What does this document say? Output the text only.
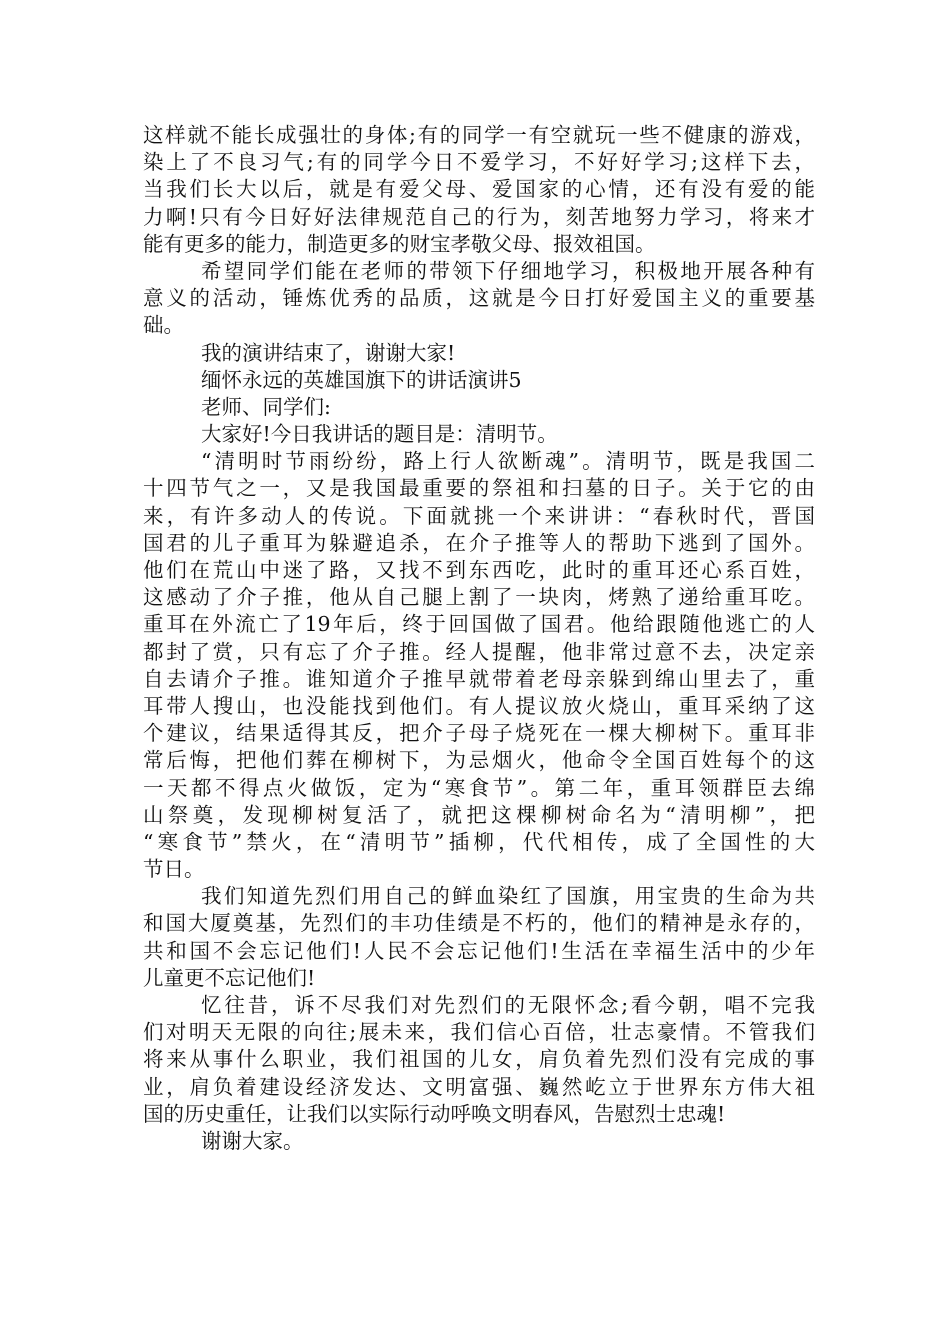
这样就不能长成强壮的身体;有的同学一有空就玩一些不健康的游戏，
染上了不良习气;有的同学今日不爱学习，不好好学习;这样下去，
当我们长大以后，就是有爱父母、爱国家的心情，还有没有爱的能
力啊!只有今日好好法律规范自己的行为，刻苦地努力学习，将来才
能有更多的能力，制造更多的财宝孝敬父母、报效祖国。
希望同学们能在老师的带领下仔细地学习，积极地开展各种有
意义的活动，锤炼优秀的品质，这就是今日打好爱国主义的重要基
础。
我的演讲结束了，谢谢大家!
缅怀永远的英雄国旗下的讲话演讲5
老师、同学们:
大家好!今日我讲话的题目是：清明节。
“清明时节雨纷纷，路上行人欲断魂”。清明节，既是我国二
十四节气之一，又是我国最重要的祭祖和扫墓的日子。关于它的由
来，有许多动人的传说。下面就挑一个来讲讲：“春秋时代，晋国
国君的儿子重耳为躲避追杀，在介子推等人的帮助下逃到了国外。
他们在荒山中迷了路，又找不到东西吃，此时的重耳还心系百姓，
这感动了介子推，他从自己腿上割了一块肉，烤熟了递给重耳吃。
重耳在外流亡了19年后，终于回国做了国君。他给跟随他逃亡的人
都封了赏，只有忘了介子推。经人提醒，他非常过意不去，决定亲
自去请介子推。谁知道介子推早就带着老母亲躲到绵山里去了，重
耳带人搜山，也没能找到他们。有人提议放火烧山，重耳采纳了这
个建议，结果适得其反，把介子母子烧死在一棵大柳树下。重耳非
常后悔，把他们葬在柳树下，为忌烟火，他命令全国百姓每个的这
一天都不得点火做饭，定为“寒食节”。第二年，重耳领群臣去绵
山祭奠，发现柳树复活了，就把这棵柳树命名为“清明柳”，把
“寒食节”禁火，在“清明节”插柳，代代相传，成了全国性的大
节日。
我们知道先烈们用自己的鲜血染红了国旗，用宝贵的生命为共
和国大厦奠基，先烈们的丰功佳绩是不朽的，他们的精神是永存的，
共和国不会忘记他们!人民不会忘记他们!生活在幸福生活中的少年
儿童更不忘记他们!
忆往昔，诉不尽我们对先烈们的无限怀念;看今朝，唱不完我
们对明天无限的向往;展未来，我们信心百倍，壮志豪情。不管我们
将来从事什么职业，我们祖国的儿女，肩负着先烈们没有完成的事
业，肩负着建设经济发达、文明富强、巍然屹立于世界东方伟大祖
国的历史重任，让我们以实际行动呼唤文明春风，告慰烈士忠魂!
谢谢大家。
